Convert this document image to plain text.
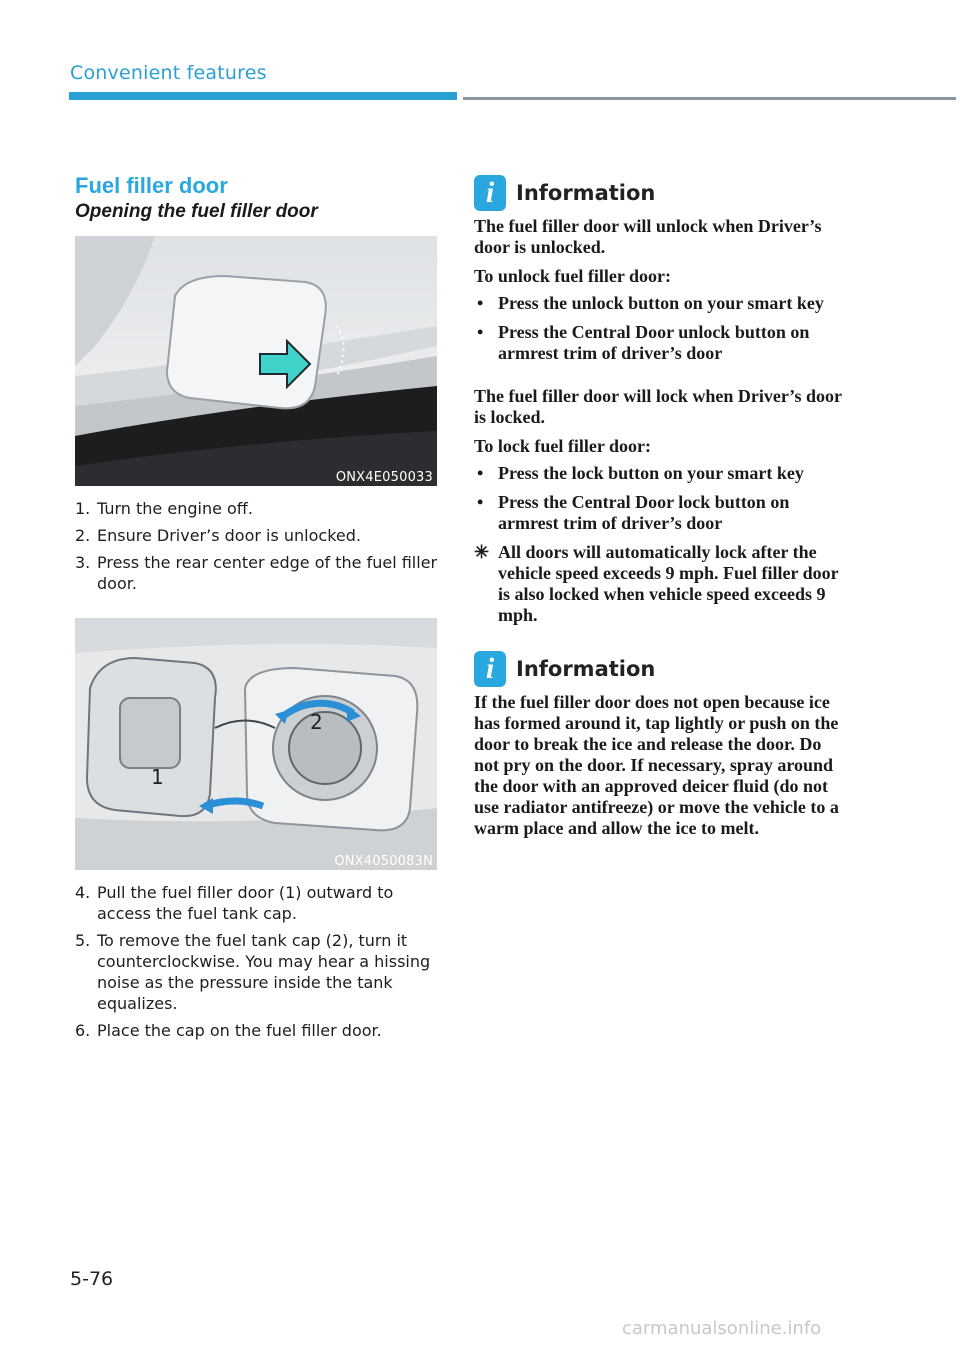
Convenient features
Fuel filler door
Opening the fuel filler door
ONX4E050033
1. Turn the engine off.
2. Ensure Driver’s door is unlocked.
3. Press the rear center edge of the fuel filler door.
1
2
ONX4050083N
4. Pull the fuel filler door (1) outward to access the fuel tank cap.
5. To remove the fuel tank cap (2), turn it counterclockwise. You may hear a hissing noise as the pressure inside the tank equalizes.
6. Place the cap on the fuel filler door.
i Information
The fuel filler door will unlock when Driver’s door is unlocked.
To unlock fuel filler door:
• Press the unlock button on your smart key
• Press the Central Door unlock button on armrest trim of driver’s door
The fuel filler door will lock when Driver’s door is locked.
To lock fuel filler door:
• Press the lock button on your smart key
• Press the Central Door lock button on armrest trim of driver’s door
✳ All doors will automatically lock after the vehicle speed exceeds 9 mph. Fuel filler door is also locked when vehicle speed exceeds 9 mph.
i Information
If the fuel filler door does not open because ice has formed around it, tap lightly or push on the door to break the ice and release the door. Do not pry on the door. If necessary, spray around the door with an approved deicer fluid (do not use radiator antifreeze) or move the vehicle to a warm place and allow the ice to melt.
5-76
carmanualsonline.info
